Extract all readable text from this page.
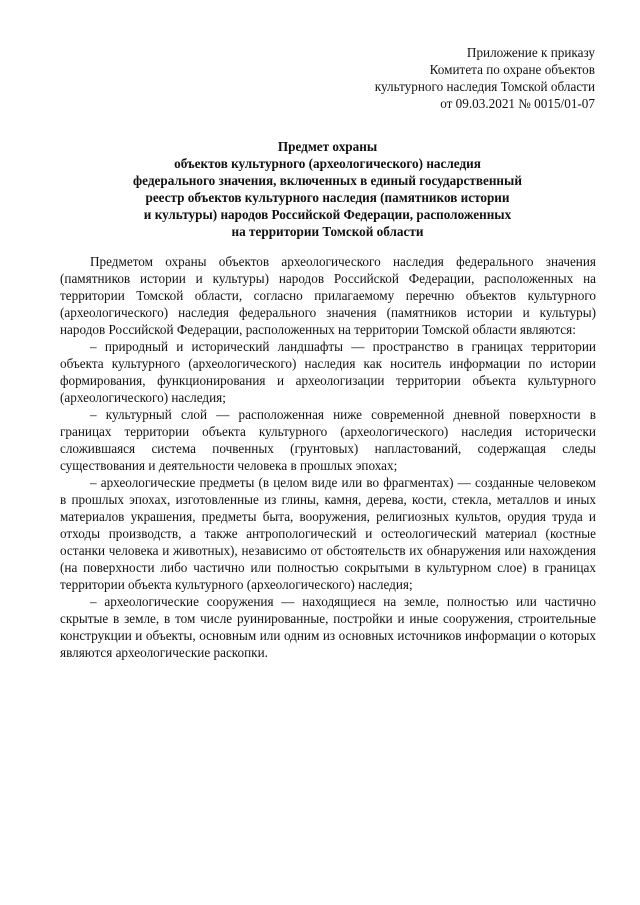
Приложение к приказу
Комитета по охране объектов
культурного наследия Томской области
от 09.03.2021 № 0015/01-07
Предмет охраны
объектов культурного (археологического) наследия
федерального значения, включенных в единый государственный
реестр объектов культурного наследия (памятников истории
и культуры) народов Российской Федерации, расположенных
на территории Томской области

Предметом охраны объектов археологического наследия федерального значения (памятников истории и культуры) народов Российской Федерации, расположенных на территории Томской области, согласно прилагаемому перечню объектов культурного (археологического) наследия федерального значения (памятников истории и культуры) народов Российской Федерации, расположенных на территории Томской области являются:

– природный и исторический ландшафты — пространство в границах территории объекта культурного (археологического) наследия как носитель информации по истории формирования, функционирования и археологизации территории объекта культурного (археологического) наследия;

– культурный слой — расположенная ниже современной дневной поверхности в границах территории объекта культурного (археологического) наследия исторически сложившаяся система почвенных (грунтовых) напластований, содержащая следы существования и деятельности человека в прошлых эпохах;

– археологические предметы (в целом виде или во фрагментах) — созданные человеком в прошлых эпохах, изготовленные из глины, камня, дерева, кости, стекла, металлов и иных материалов украшения, предметы быта, вооружения, религиозных культов, орудия труда и отходы производств, а также антропологический и остеологический материал (костные останки человека и животных), независимо от обстоятельств их обнаружения или нахождения (на поверхности либо частично или полностью сокрытыми в культурном слое) в границах территории объекта культурного (археологического) наследия;

– археологические сооружения — находящиеся на земле, полностью или частично скрытые в земле, в том числе руинированные, постройки и иные сооружения, строительные конструкции и объекты, основным или одним из основных источников информации о которых являются археологические раскопки.
